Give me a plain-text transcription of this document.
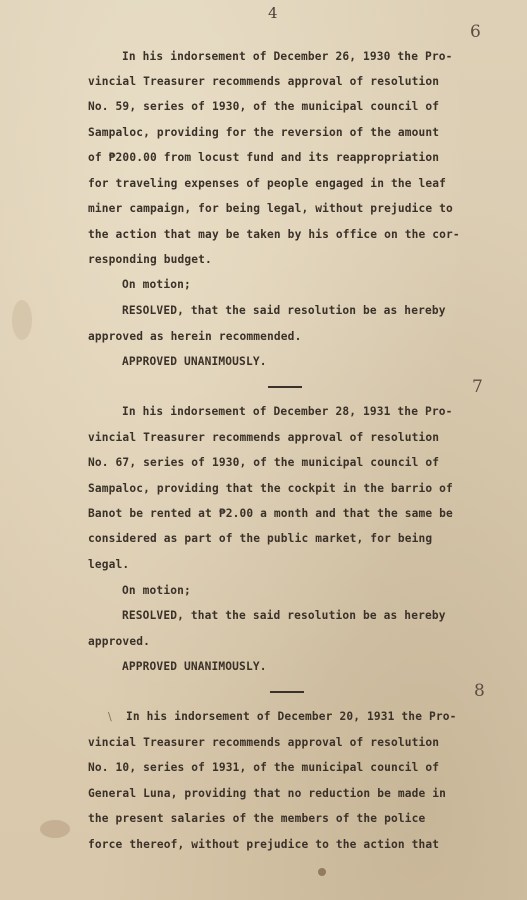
4
6
7
8
In his indorsement of December 26, 1930 the Pro-
vincial Treasurer recommends approval of resolution
No. 59, series of 1930, of the municipal council of
Sampaloc, providing for the reversion of the amount
of ₱200.00 from locust fund and its reappropriation
for traveling expenses of people engaged in the leaf
miner campaign, for being legal, without prejudice to
the action that may be taken by his office on the cor-
responding budget.
On motion;
RESOLVED, that the said resolution be as hereby
approved as herein recommended.
APPROVED UNANIMOUSLY.
In his indorsement of December 28, 1931 the Pro-
vincial Treasurer recommends approval of resolution
No. 67, series of 1930, of the municipal council of
Sampaloc, providing that the cockpit in the barrio of
Banot be rented at ₱2.00 a month and that the same be
considered as part of the public market, for being
legal.
On motion;
RESOLVED, that the said resolution be as hereby
approved.
APPROVED UNANIMOUSLY.
\ In his indorsement of December 20, 1931 the Pro-
vincial Treasurer recommends approval of resolution
No. 10, series of 1931, of the municipal council of
General Luna, providing that no reduction be made in
the present salaries of the members of the police
force thereof, without prejudice to the action that
